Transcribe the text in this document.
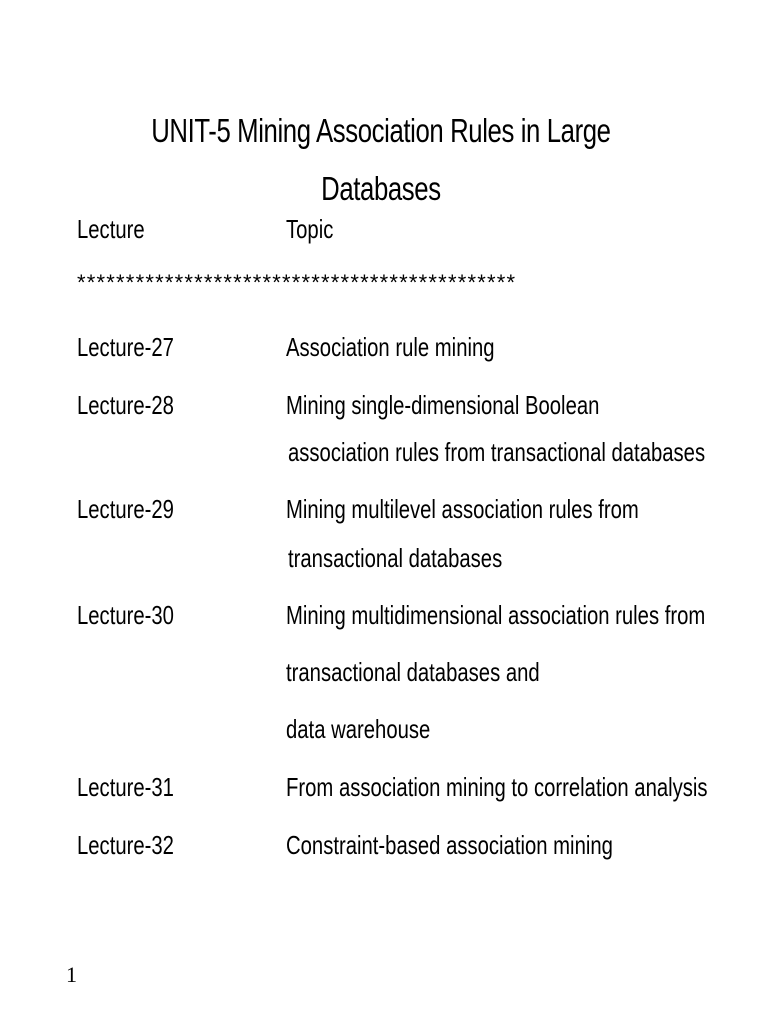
UNIT-5 Mining Association Rules in Large
Databases
Lecture	Topic
*********************************************
Lecture-27	Association rule mining
Lecture-28	Mining single-dimensional Boolean
association rules from transactional databases
Lecture-29	Mining multilevel association rules from
transactional databases
Lecture-30	Mining multidimensional association rules from
transactional databases and
data warehouse
Lecture-31	From association mining to correlation analysis
Lecture-32	Constraint-based association mining
1
